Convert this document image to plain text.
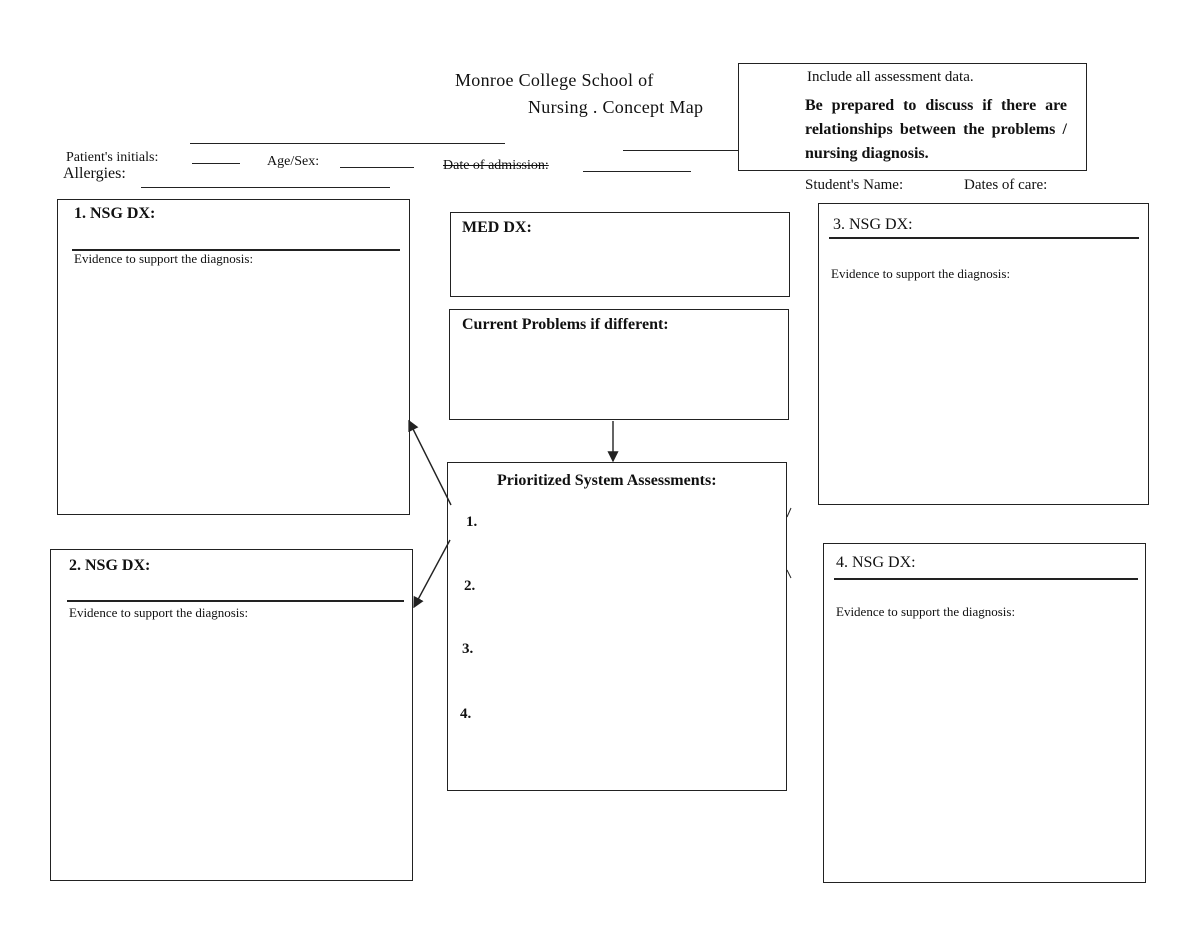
Monroe College School of
Nursing . Concept Map
Include all assessment data.
Be prepared to discuss if there are relationships between the problems / nursing diagnosis.
Patient's initials:	Age/Sex:	Date of admission:
Allergies:
Student's Name:	Dates of care:
1. NSG DX:
Evidence to support the diagnosis:
2. NSG DX:
Evidence to support the diagnosis:
MED DX:
Current Problems if different:
Prioritized System Assessments:
1.
2.
3.
4.
3. NSG DX:
Evidence to support the diagnosis:
4. NSG DX:
Evidence to support the diagnosis:
